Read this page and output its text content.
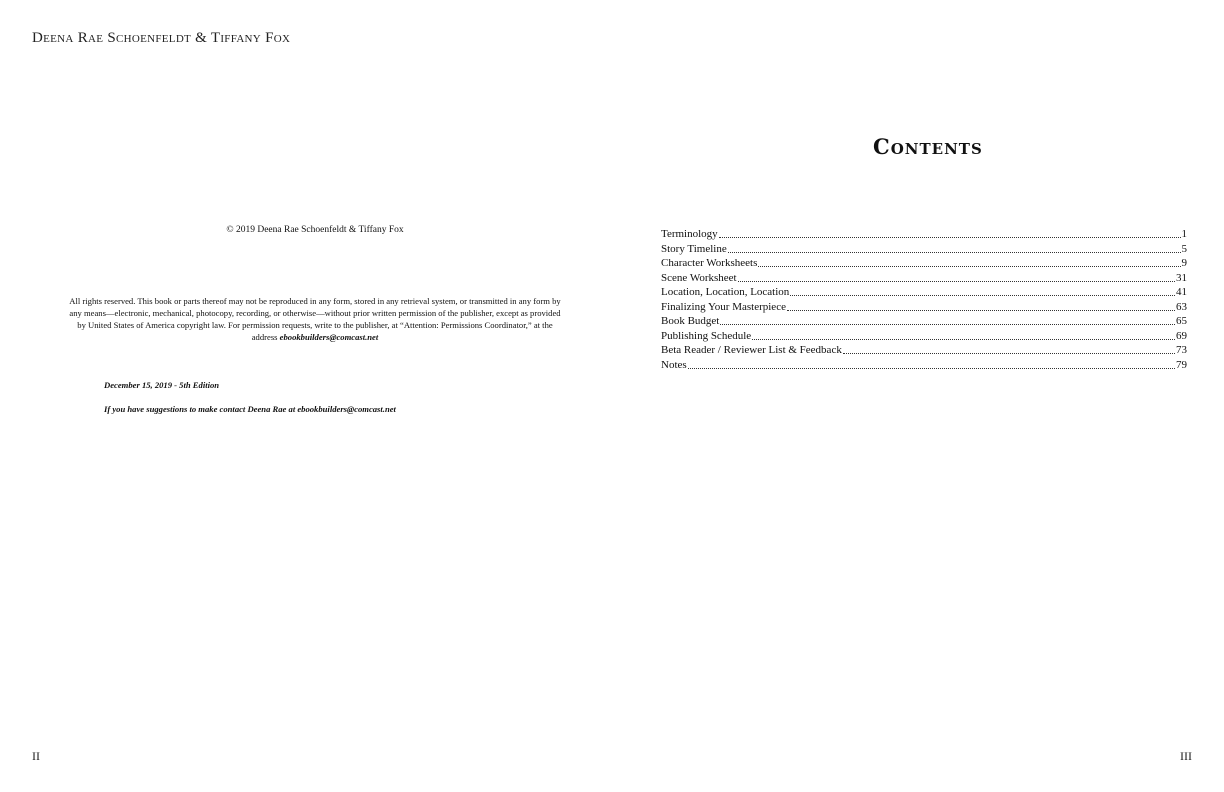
Deena Rae Schoenfeldt & Tiffany Fox
© 2019 Deena Rae Schoenfeldt & Tiffany Fox
All rights reserved. This book or parts thereof may not be reproduced in any form, stored in any retrieval system, or transmitted in any form by any means—electronic, mechanical, photocopy, recording, or otherwise—without prior written permission of the publisher, except as provided by United States of America copyright law. For permission requests, write to the publisher, at “Attention: Permissions Coordinator,” at the address ebookbuilders@comcast.net
December 15, 2019 - 5th Edition
If you have suggestions to make contact Deena Rae at ebookbuilders@comcast.net
II
Contents
Terminology	1
Story Timeline	5
Character Worksheets	9
Scene Worksheet	31
Location, Location, Location	41
Finalizing Your Masterpiece	63
Book Budget	65
Publishing Schedule	69
Beta Reader / Reviewer List & Feedback	73
Notes	79
III
